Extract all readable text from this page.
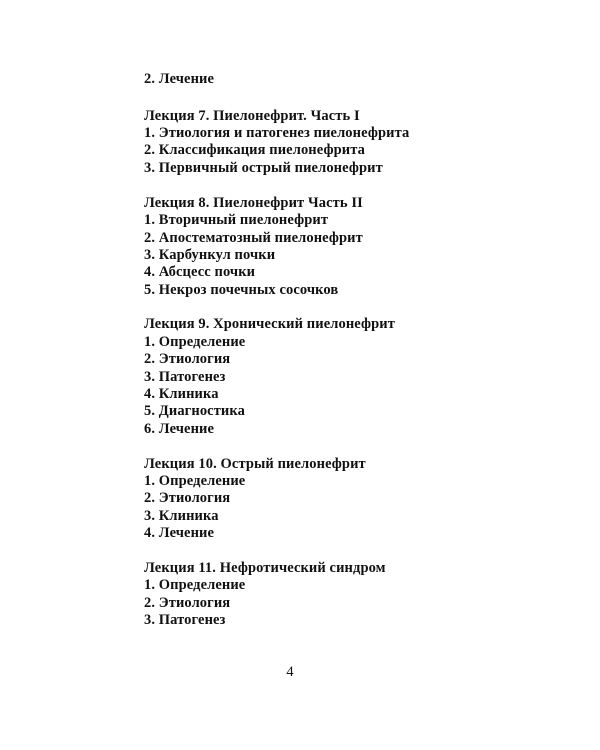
2. Лечение
Лекция 7. Пиелонефрит. Часть I
1. Этиология и патогенез пиелонефрита
2. Классификация пиелонефрита
3. Первичный острый пиелонефрит
Лекция 8. Пиелонефрит Часть II
1. Вторичный пиелонефрит
2. Апостематозный пиелонефрит
3. Карбункул почки
4. Абсцесс почки
5. Некроз почечных сосочков
Лекция 9. Хронический пиелонефрит
1. Определение
2. Этиология
3. Патогенез
4. Клиника
5. Диагностика
6. Лечение
Лекция 10. Острый пиелонефрит
1. Определение
2. Этиология
3. Клиника
4. Лечение
Лекция 11. Нефротический синдром
1. Определение
2. Этиология
3. Патогенез
4
